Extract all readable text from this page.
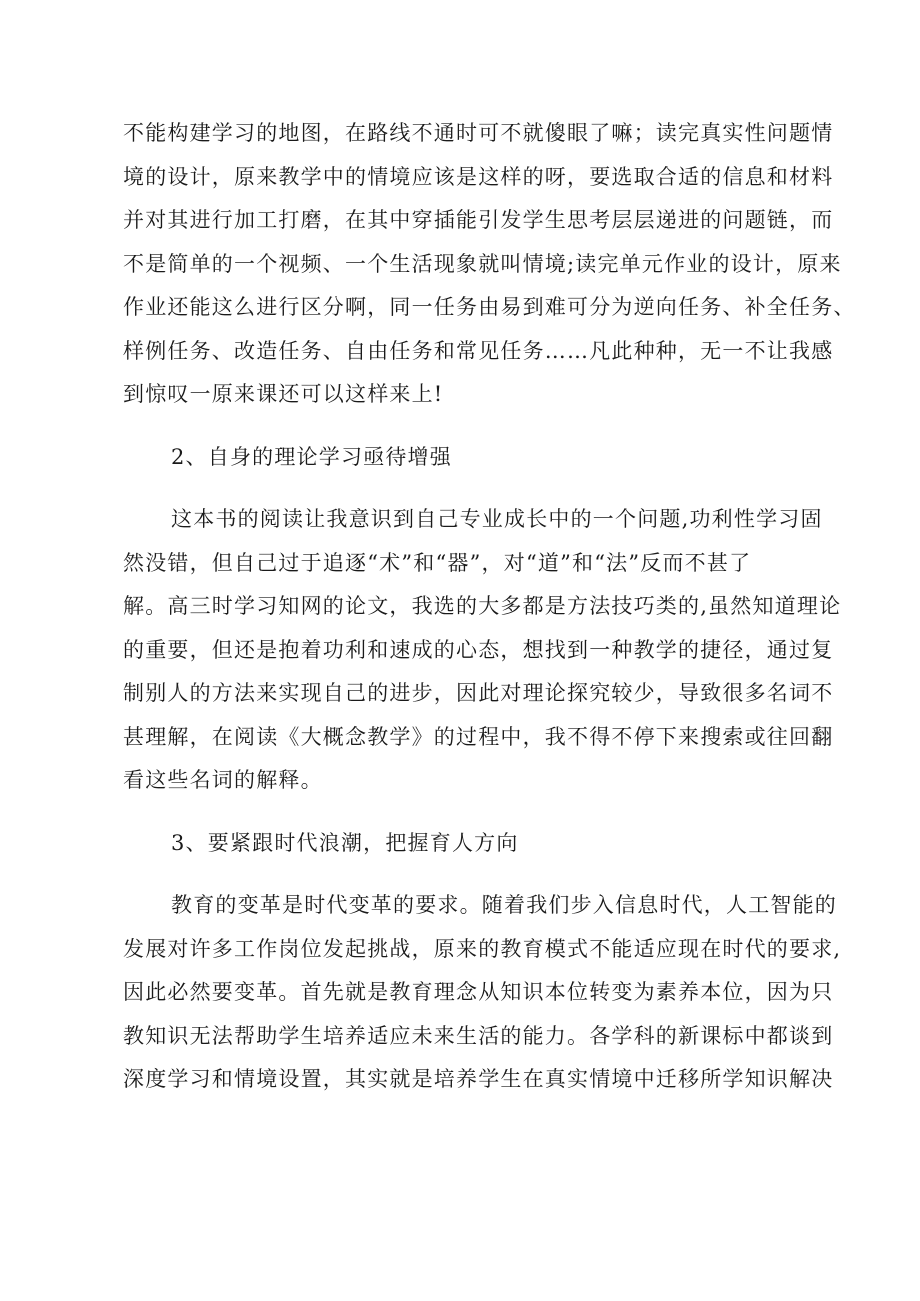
不能构建学习的地图，在路线不通时可不就傻眼了嘛；读完真实性问题情
境的设计，原来教学中的情境应该是这样的呀，要选取合适的信息和材料
并对其进行加工打磨，在其中穿插能引发学生思考层层递进的问题链，而
不是简单的一个视频、一个生活现象就叫情境;读完单元作业的设计，原来
作业还能这么进行区分啊，同一任务由易到难可分为逆向任务、补全任务、
样例任务、改造任务、自由任务和常见任务……凡此种种，无一不让我感
到惊叹一原来课还可以这样来上!
2、自身的理论学习亟待增强
这本书的阅读让我意识到自己专业成长中的一个问题,功利性学习固
然没错，但自己过于追逐“术”和“器”，对“道”和“法”反而不甚了
解。高三时学习知网的论文，我选的大多都是方法技巧类的,虽然知道理论
的重要，但还是抱着功利和速成的心态，想找到一种教学的捷径，通过复
制别人的方法来实现自己的进步，因此对理论探究较少，导致很多名词不
甚理解，在阅读《大概念教学》的过程中，我不得不停下来搜索或往回翻
看这些名词的解释。
3、要紧跟时代浪潮，把握育人方向
教育的变革是时代变革的要求。随着我们步入信息时代，人工智能的
发展对许多工作岗位发起挑战，原来的教育模式不能适应现在时代的要求,
因此必然要变革。首先就是教育理念从知识本位转变为素养本位，因为只
教知识无法帮助学生培养适应未来生活的能力。各学科的新课标中都谈到
深度学习和情境设置，其实就是培养学生在真实情境中迁移所学知识解决
